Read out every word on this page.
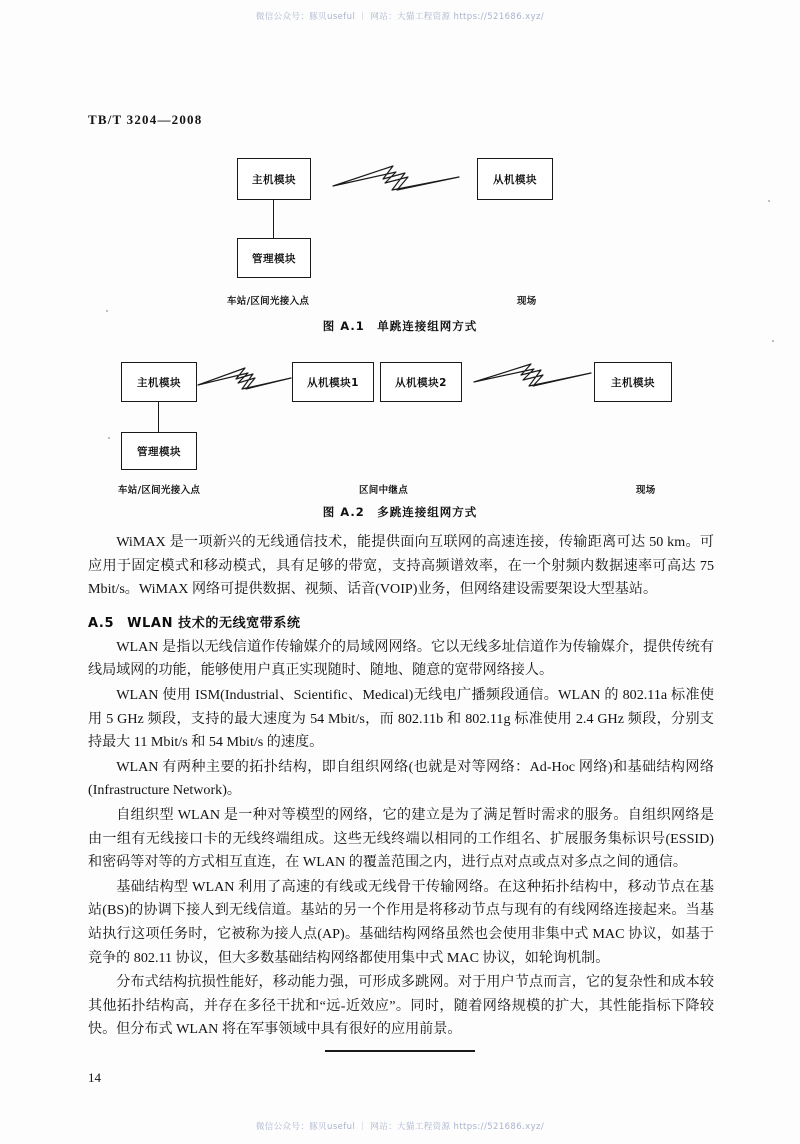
微信公众号：豚贝useful ｜ 网站：大猫工程资源 https://521686.xyz/
TB/T 3204—2008
主机模块
管理模块
从机模块
车站/区间光接入点	现场
图 A.1　单跳连接组网方式
主机模块
管理模块
从机模块1	从机模块2	主机模块
车站/区间光接入点	区间中继点	现场
图 A.2　多跳连接组网方式

WiMAX 是一项新兴的无线通信技术，能提供面向互联网的高速连接，传输距离可达 50 km。可应用于固定模式和移动模式，具有足够的带宽，支持高频谱效率，在一个射频内数据速率可高达 75 Mbit/s。WiMAX 网络可提供数据、视频、话音(VOIP)业务，但网络建设需要架设大型基站。

A.5 WLAN 技术的无线宽带系统

WLAN 是指以无线信道作传输媒介的局域网网络。它以无线多址信道作为传输媒介，提供传统有线局域网的功能，能够使用户真正实现随时、随地、随意的宽带网络接人。

WLAN 使用 ISM(Industrial、Scientific、Medical)无线电广播频段通信。WLAN 的 802.11a 标准使用 5 GHz 频段，支持的最大速度为 54 Mbit/s，而 802.11b 和 802.11g 标准使用 2.4 GHz 频段，分别支持最大 11 Mbit/s 和 54 Mbit/s 的速度。

WLAN 有两种主要的拓扑结构，即自组织网络(也就是对等网络：Ad-Hoc 网络)和基础结构网络(Infrastructure Network)。

自组织型 WLAN 是一种对等模型的网络，它的建立是为了满足暂时需求的服务。自组织网络是由一组有无线接口卡的无线终端组成。这些无线终端以相同的工作组名、扩展服务集标识号(ESSID)和密码等对等的方式相互直连，在 WLAN 的覆盖范围之内，进行点对点或点对多点之间的通信。

基础结构型 WLAN 利用了高速的有线或无线骨干传输网络。在这种拓扑结构中，移动节点在基站(BS)的协调下接人到无线信道。基站的另一个作用是将移动节点与现有的有线网络连接起来。当基站执行这项任务时，它被称为接人点(AP)。基础结构网络虽然也会使用非集中式 MAC 协议，如基于竞争的 802.11 协议，但大多数基础结构网络都使用集中式 MAC 协议，如轮询机制。

分布式结构抗损性能好，移动能力强，可形成多跳网。对于用户节点而言，它的复杂性和成本较其他拓扑结构高，并存在多径干扰和“远-近效应”。同时，随着网络规模的扩大，其性能指标下降较快。但分布式 WLAN 将在军事领域中具有很好的应用前景。

14
微信公众号：豚贝useful ｜ 网站：大猫工程资源 https://521686.xyz/
